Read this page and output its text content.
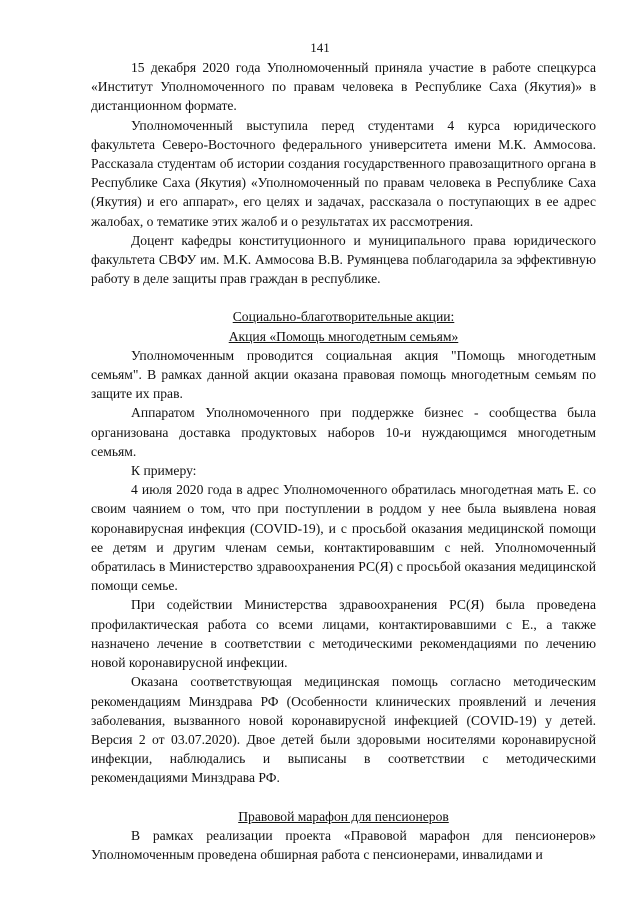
141

15 декабря 2020 года Уполномоченный приняла участие в работе спецкурса «Институт Уполномоченного по правам человека в Республике Саха (Якутия)» в дистанционном формате.

Уполномоченный выступила перед студентами 4 курса юридического факультета Северо-Восточного федерального университета имени М.К. Аммосова. Рассказала студентам об истории создания государственного правозащитного органа в Республике Саха (Якутия) «Уполномоченный по правам человека в Республике Саха (Якутия) и его аппарат», его целях и задачах, рассказала о поступающих в ее адрес жалобах, о тематике этих жалоб и о результатах их рассмотрения.

Доцент кафедры конституционного и муниципального права юридического факультета СВФУ им. М.К. Аммосова В.В. Румянцева поблагодарила за эффективную работу в деле защиты прав граждан в республике.

Социально-благотворительные акции:

Акция «Помощь многодетным семьям»

Уполномоченным проводится социальная акция "Помощь многодетным семьям". В рамках данной акции оказана правовая помощь многодетным семьям по защите их прав.

Аппаратом Уполномоченного при поддержке бизнес - сообщества была организована доставка продуктовых наборов 10-и нуждающимся многодетным семьям.

К примеру:

4 июля 2020 года в адрес Уполномоченного обратилась многодетная мать Е. со своим чаянием о том, что при поступлении в роддом у нее была выявлена новая коронавирусная инфекция (COVID-19), и с просьбой оказания медицинской помощи ее детям и другим членам семьи, контактировавшим с ней. Уполномоченный обратилась в Министерство здравоохранения РС(Я) с просьбой оказания медицинской помощи семье.

При содействии Министерства здравоохранения РС(Я) была проведена профилактическая работа со всеми лицами, контактировавшими с Е., а также назначено лечение в соответствии с методическими рекомендациями по лечению новой коронавирусной инфекции.

Оказана соответствующая медицинская помощь согласно методическим рекомендациям Минздрава РФ (Особенности клинических проявлений и лечения заболевания, вызванного новой коронавирусной инфекцией (COVID-19) у детей. Версия 2 от 03.07.2020). Двое детей были здоровыми носителями коронавирусной инфекции, наблюдались и выписаны в соответствии с методическими рекомендациями Минздрава РФ.

Правовой марафон для пенсионеров

В рамках реализации проекта «Правовой марафон для пенсионеров» Уполномоченным проведена обширная работа с пенсионерами, инвалидами и
